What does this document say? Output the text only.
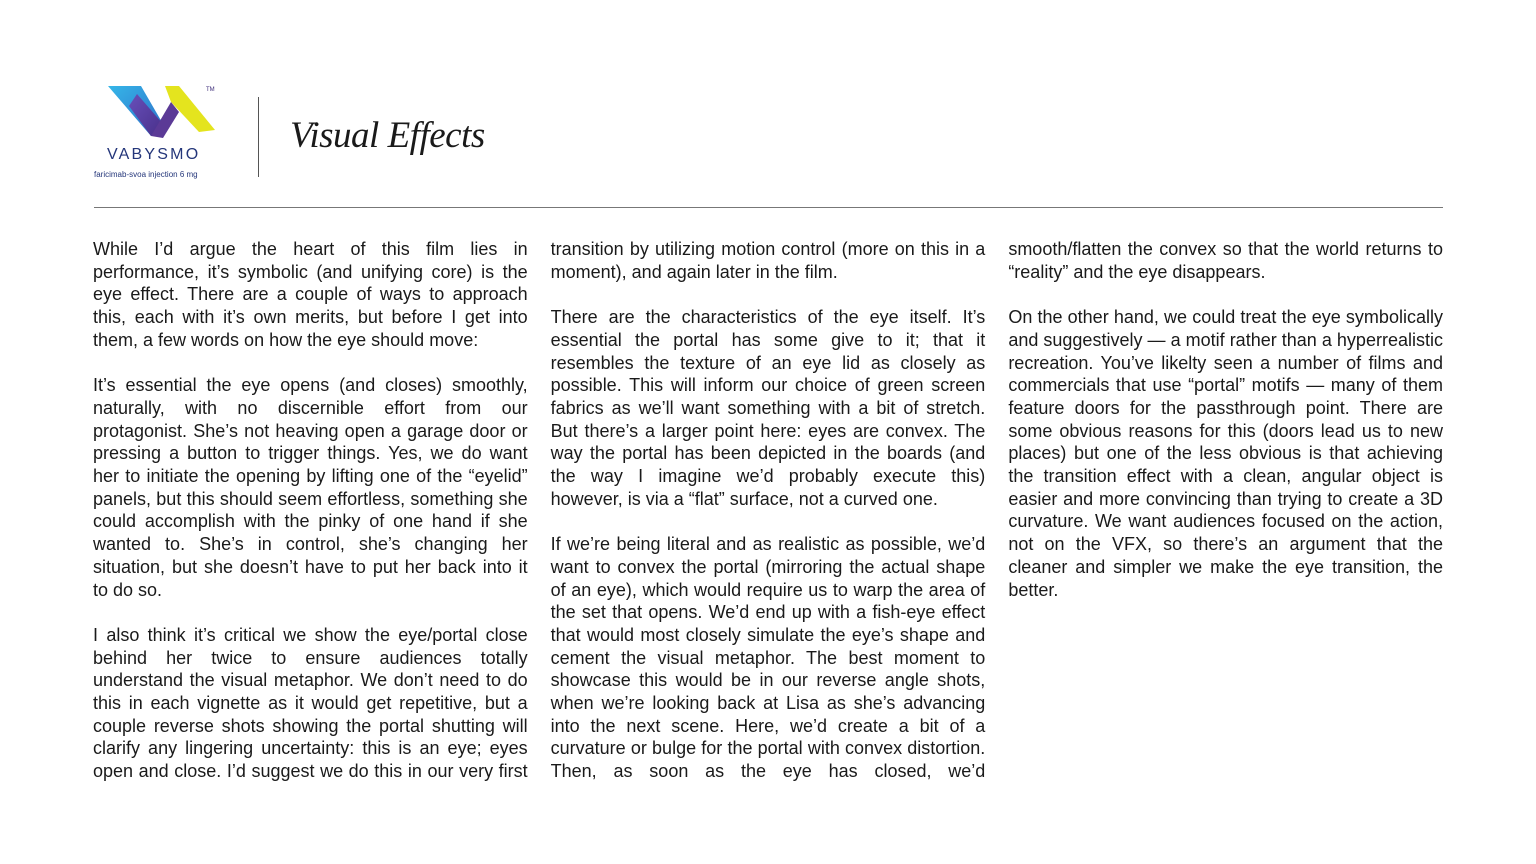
TM
VABYSMO
faricimab-svoa injection 6 mg
Visual Effects

While I’d argue the heart of this film lies in performance, it’s symbolic (and unifying core) is the eye effect. There are a couple of ways to approach this, each with it’s own merits, but before I get into them, a few words on how the eye should move:

It’s essential the eye opens (and closes) smoothly, naturally, with no discernible effort from our protagonist. She’s not heaving open a garage door or pressing a button to trigger things. Yes, we do want her to initiate the opening by lifting one of the “eyelid” panels, but this should seem effortless, something she could accomplish with the pinky of one hand if she wanted to. She’s in control, she’s changing her situation, but she doesn’t have to put her back into it to do so.

I also think it’s critical we show the eye/portal close behind her twice to ensure audiences totally understand the visual metaphor. We don’t need to do this in each vignette as it would get repetitive, but a couple reverse shots showing the portal shutting will clarify any lingering uncertainty: this is an eye; eyes open and close. I’d suggest we do this in our very first transition by utilizing motion control (more on this in a moment), and again later in the film.

There are the characteristics of the eye itself. It’s essential the portal has some give to it; that it resembles the texture of an eye lid as closely as possible. This will inform our choice of green screen fabrics as we’ll want something with a bit of stretch. But there’s a larger point here: eyes are convex. The way the portal has been depicted in the boards (and the way I imagine we’d probably execute this) however, is via a “flat” surface, not a curved one.

If we’re being literal and as realistic as possible, we’d want to convex the portal (mirroring the actual shape of an eye), which would require us to warp the area of the set that opens. We’d end up with a fish-eye effect that would most closely simulate the eye’s shape and cement the visual metaphor. The best moment to showcase this would be in our reverse angle shots, when we’re looking back at Lisa as she’s advancing into the next scene. Here, we’d create a bit of a curvature or bulge for the portal with convex distortion. Then, as soon as the eye has closed, we’d smooth/flatten the convex so that the world returns to “reality” and the eye disappears.

On the other hand, we could treat the eye symbolically and suggestively — a motif rather than a hyperrealistic recreation. You’ve likelty seen a number of films and commercials that use “portal” motifs — many of them feature doors for the passthrough point. There are some obvious reasons for this (doors lead us to new places) but one of the less obvious is that achieving the transition effect with a clean, angular object is easier and more convincing than trying to create a 3D curvature. We want audiences focused on the action, not on the VFX, so there’s an argument that the cleaner and simpler we make the eye transition, the better.
